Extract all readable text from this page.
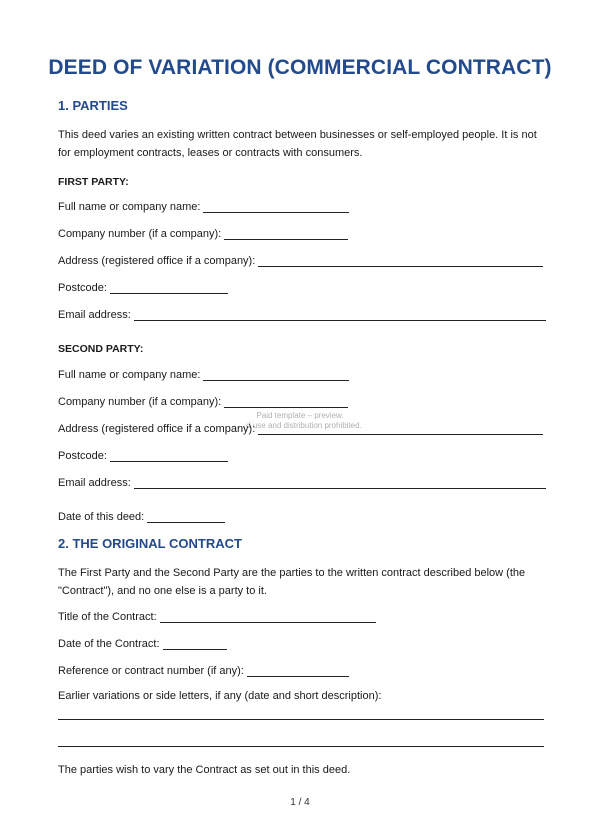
DEED OF VARIATION (COMMERCIAL CONTRACT)
1. PARTIES
This deed varies an existing written contract between businesses or self-employed people. It is not for employment contracts, leases or contracts with consumers.
FIRST PARTY:
Full name or company name:
Company number (if a company):
Address (registered office if a company):
Postcode:
Email address:
SECOND PARTY:
Full name or company name:
Company number (if a company):
Paid template – preview.
…d use and distribution prohibited.
Address (registered office if a company):
Postcode:
Email address:
Date of this deed:
2. THE ORIGINAL CONTRACT
The First Party and the Second Party are the parties to the written contract described below (the "Contract"), and no one else is a party to it.
Title of the Contract:
Date of the Contract:
Reference or contract number (if any):
Earlier variations or side letters, if any (date and short description):
The parties wish to vary the Contract as set out in this deed.
1 / 4
